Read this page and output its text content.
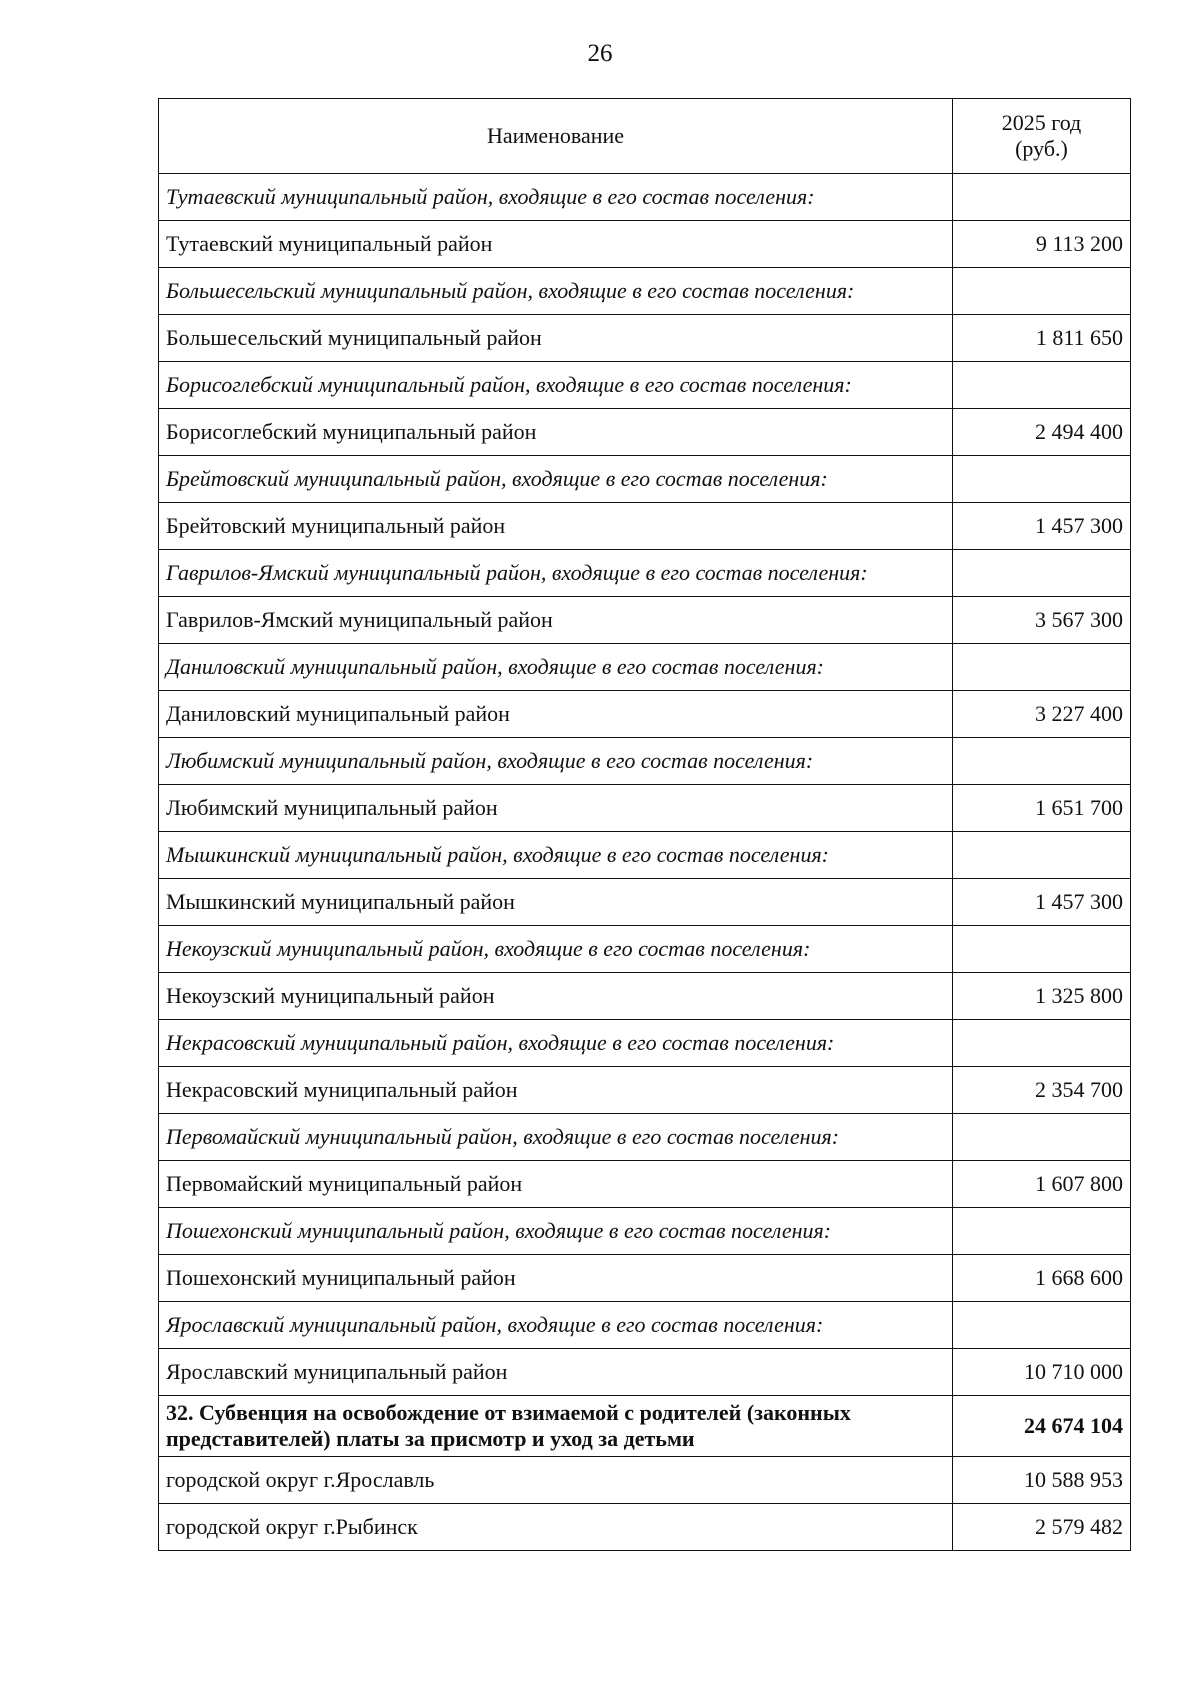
26
Наименование	2025 год
(руб.)

Тутаевский муниципальный район, входящие в его состав поселения:	
Тутаевский муниципальный район	9 113 200
Большесельский муниципальный район, входящие в его состав поселения:	
Большесельский муниципальный район	1 811 650
Борисоглебский муниципальный район, входящие в его состав поселения:	
Борисоглебский муниципальный район	2 494 400
Брейтовский муниципальный район, входящие в его состав поселения:	
Брейтовский муниципальный район	1 457 300
Гаврилов-Ямский муниципальный район, входящие в его состав поселения:	
Гаврилов-Ямский муниципальный район	3 567 300
Даниловский муниципальный район, входящие в его состав поселения:	
Даниловский муниципальный район	3 227 400
Любимский муниципальный район, входящие в его состав поселения:	
Любимский муниципальный район	1 651 700
Мышкинский муниципальный район, входящие в его состав поселения:	
Мышкинский муниципальный район	1 457 300
Некоузский муниципальный район, входящие в его состав поселения:	
Некоузский муниципальный район	1 325 800
Некрасовский муниципальный район, входящие в его состав поселения:	
Некрасовский муниципальный район	2 354 700
Первомайский муниципальный район, входящие в его состав поселения:	
Первомайский муниципальный район	1 607 800
Пошехонский муниципальный район, входящие в его состав поселения:	
Пошехонский муниципальный район	1 668 600
Ярославский муниципальный район, входящие в его состав поселения:	
Ярославский муниципальный район	10 710 000
32. Субвенция на освобождение от взимаемой с родителей (законных представителей) платы за присмотр и уход за детьми	24 674 104
городской округ г.Ярославль	10 588 953
городской округ г.Рыбинск	2 579 482
